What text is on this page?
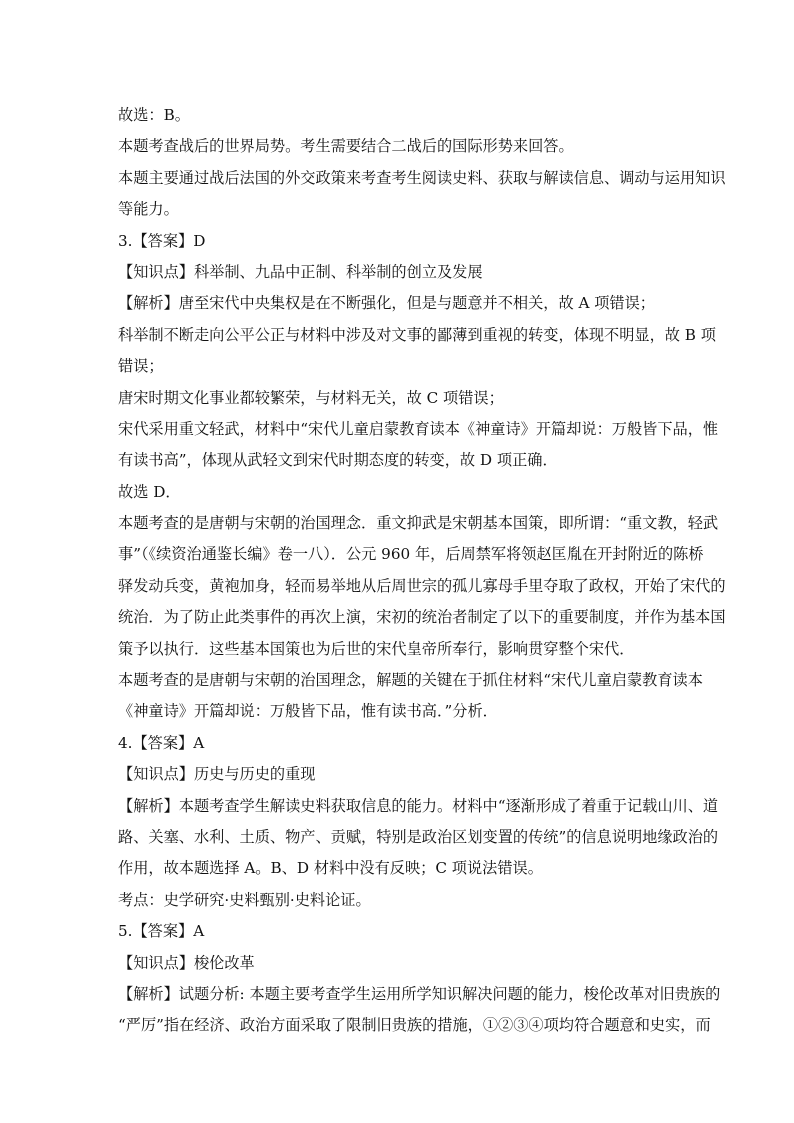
故选：B。
本题考查战后的世界局势。考生需要结合二战后的国际形势来回答。
本题主要通过战后法国的外交政策来考查考生阅读史料、获取与解读信息、调动与运用知识
等能力。
3.【答案】D
【知识点】科举制、九品中正制、科举制的创立及发展
【解析】唐至宋代中央集权是在不断强化，但是与题意并不相关，故 A 项错误；
科举制不断走向公平公正与材料中涉及对文事的鄙薄到重视的转变，体现不明显，故 B 项
错误；
唐宋时期文化事业都较繁荣，与材料无关，故 C 项错误；
宋代采用重文轻武，材料中“宋代儿童启蒙教育读本《神童诗》开篇却说：万般皆下品，惟
有读书高”，体现从武轻文到宋代时期态度的转变，故 D 项正确．
故选 D．
本题考查的是唐朝与宋朝的治国理念．重文抑武是宋朝基本国策，即所谓：“重文教，轻武
事”（《续资治通鉴长编》卷一八）．公元 960 年，后周禁军将领赵匡胤在开封附近的陈桥
驿发动兵变，黄袍加身，轻而易举地从后周世宗的孤儿寡母手里夺取了政权，开始了宋代的
统治．为了防止此类事件的再次上演，宋初的统治者制定了以下的重要制度，并作为基本国
策予以执行．这些基本国策也为后世的宋代皇帝所奉行，影响贯穿整个宋代．
本题考查的是唐朝与宋朝的治国理念，解题的关键在于抓住材料“宋代儿童启蒙教育读本
《神童诗》开篇却说：万般皆下品，惟有读书高．”分析．
4.【答案】A
【知识点】历史与历史的重现
【解析】本题考查学生解读史料获取信息的能力。材料中“逐渐形成了着重于记载山川、道
路、关塞、水利、土质、物产、贡赋，特别是政治区划变置的传统”的信息说明地缘政治的
作用，故本题选择 A。B、D 材料中没有反映；C 项说法错误。
考点：史学研究·史料甄别·史料论证。
5.【答案】A
【知识点】梭伦改革
【解析】试题分析: 本题主要考查学生运用所学知识解决问题的能力，梭伦改革对旧贵族的
“严厉”指在经济、政治方面采取了限制旧贵族的措施，①②③④项均符合题意和史实，而
